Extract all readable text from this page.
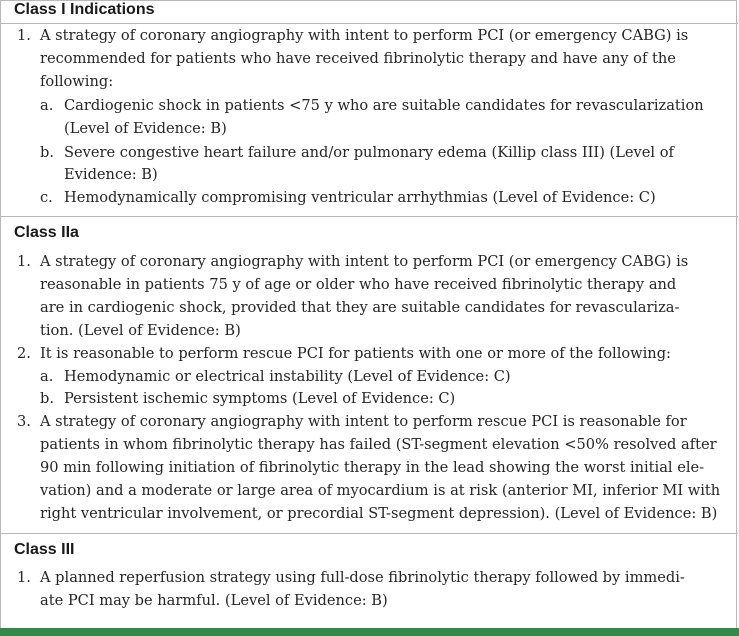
Class I Indications
1. A strategy of coronary angiography with intent to perform PCI (or emergency CABG) is
recommended for patients who have received fibrinolytic therapy and have any of the
following:
a. Cardiogenic shock in patients <75 y who are suitable candidates for revascularization
(Level of Evidence: B)
b. Severe congestive heart failure and/or pulmonary edema (Killip class III) (Level of
Evidence: B)
c. Hemodynamically compromising ventricular arrhythmias (Level of Evidence: C)
Class IIa
1. A strategy of coronary angiography with intent to perform PCI (or emergency CABG) is
reasonable in patients 75 y of age or older who have received fibrinolytic therapy and
are in cardiogenic shock, provided that they are suitable candidates for revasculariza-
tion. (Level of Evidence: B)
2. It is reasonable to perform rescue PCI for patients with one or more of the following:
a. Hemodynamic or electrical instability (Level of Evidence: C)
b. Persistent ischemic symptoms (Level of Evidence: C)
3. A strategy of coronary angiography with intent to perform rescue PCI is reasonable for
patients in whom fibrinolytic therapy has failed (ST-segment elevation <50% resolved after
90 min following initiation of fibrinolytic therapy in the lead showing the worst initial ele-
vation) and a moderate or large area of myocardium is at risk (anterior MI, inferior MI with
right ventricular involvement, or precordial ST-segment depression). (Level of Evidence: B)
Class III
1. A planned reperfusion strategy using full-dose fibrinolytic therapy followed by immedi-
ate PCI may be harmful. (Level of Evidence: B)
